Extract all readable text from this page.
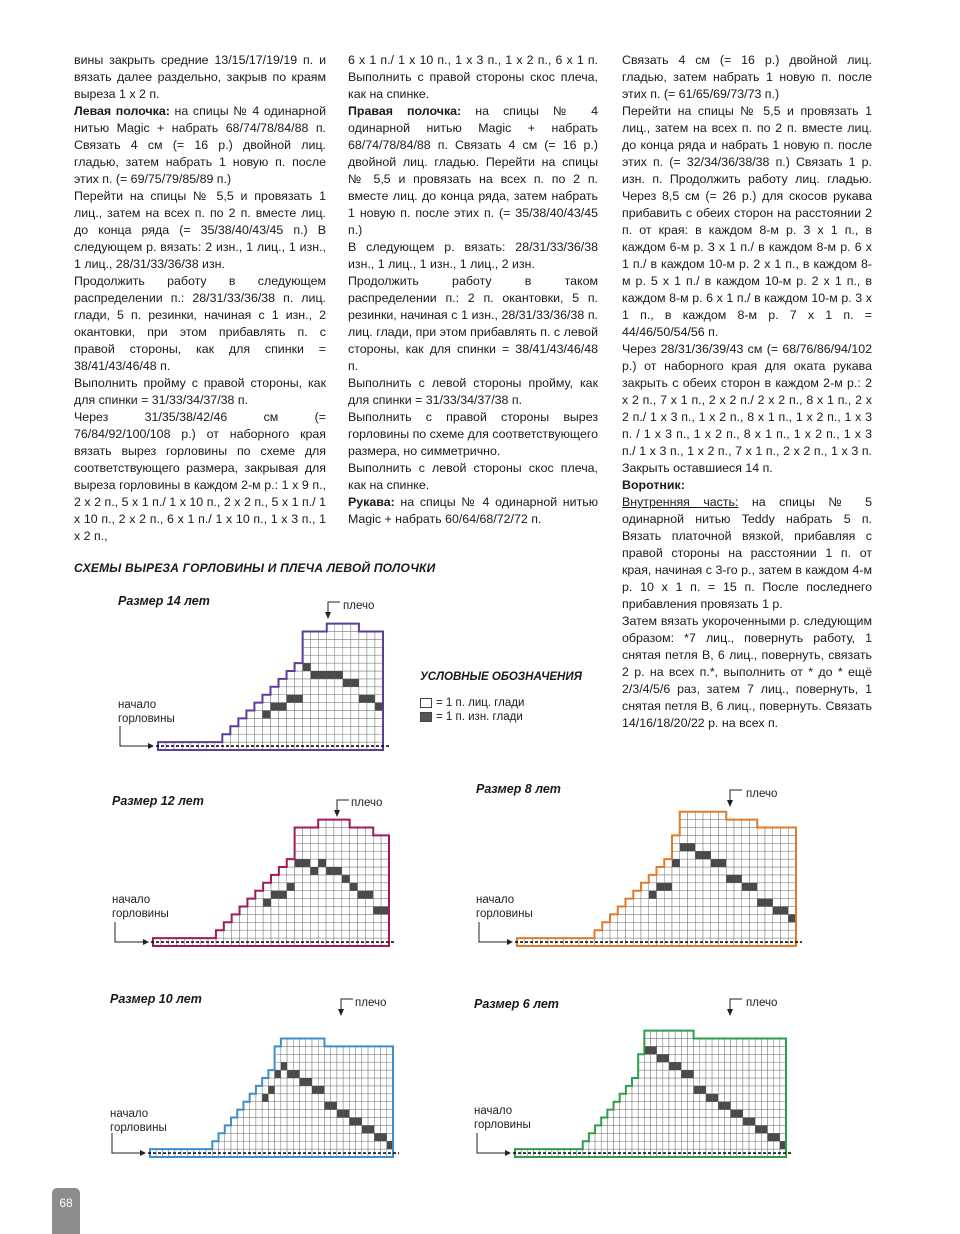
вины закрыть средние 13/15/17/19/19 п. и вязать далее раздельно, закрыв по краям выреза 1 х 2 п.

Левая полочка: на спицы № 4 одинарной нитью Magic + набрать 68/74/78/84/88 п. Связать 4 см (= 16 р.) двойной лиц. гладью, затем набрать 1 новую п. после этих п. (= 69/75/79/85/89 п.)

Перейти на спицы № 5,5 и провязать 1 лиц., затем на всех п. по 2 п. вместе лиц. до конца ряда (= 35/38/40/43/45 п.) В следующем р. вязать: 2 изн., 1 лиц., 1 изн., 1 лиц., 28/31/33/36/38 изн.

Продолжить работу в следующем распределении п.: 28/31/33/36/38 п. лиц. глади, 5 п. резинки, начиная с 1 изн., 2 окантовки, при этом прибавлять п. с правой стороны, как для спинки = 38/41/43/46/48 п.

Выполнить пройму с правой стороны, как для спинки = 31/33/34/37/38 п.

Через 31/35/38/42/46 см (= 76/84/92/100/108 р.) от наборного края вязать вырез горловины по схеме для соответствующего размера, закрывая для выреза горловины в каждом 2-м р.: 1 х 9 п., 2 х 2 п., 5 х 1 п./ 1 х 10 п., 2 х 2 п., 5 х 1 п./ 1 х 10 п., 2 х 2 п., 6 х 1 п./ 1 х 10 п., 1 х 3 п., 1 х 2 п.,

6 х 1 п./ 1 х 10 п., 1 х 3 п., 1 х 2 п., 6 х 1 п. Выполнить с правой стороны скос плеча, как на спинке.

Правая полочка: на спицы № 4 одинарной нитью Magic + набрать 68/74/78/84/88 п. Связать 4 см (= 16 р.) двойной лиц. гладью. Перейти на спицы № 5,5 и провязать на всех п. по 2 п. вместе лиц. до конца ряда, затем набрать 1 новую п. после этих п. (= 35/38/40/43/45 п.)

В следующем р. вязать: 28/31/33/36/38 изн., 1 лиц., 1 изн., 1 лиц., 2 изн.

Продолжить работу в таком распределении п.: 2 п. окантовки, 5 п. резинки, начиная с 1 изн., 28/31/33/36/38 п. лиц. глади, при этом прибавлять п. с левой стороны, как для спинки = 38/41/43/46/48 п.

Выполнить с левой стороны пройму, как для спинки = 31/33/34/37/38 п.

Выполнить с правой стороны вырез горловины по схеме для соответствующего размера, но симметрично.

Выполнить с левой стороны скос плеча, как на спинке.

Рукава: на спицы № 4 одинарной нитью Magic + набрать 60/64/68/72/72 п.

Связать 4 см (= 16 р.) двойной лиц. гладью, затем набрать 1 новую п. после этих п. (= 61/65/69/73/73 п.)

Перейти на спицы № 5,5 и провязать 1 лиц., затем на всех п. по 2 п. вместе лиц. до конца ряда и набрать 1 новую п. после этих п. (= 32/34/36/38/38 п.) Связать 1 р. изн. п. Продолжить работу лиц. гладью. Через 8,5 см (= 26 р.) для скосов рукава прибавить с обеих сторон на расстоянии 2 п. от края: в каждом 8-м р. 3 х 1 п., в каждом 6-м р. 3 х 1 п./ в каждом 8-м р. 6 х 1 п./ в каждом 10-м р. 2 х 1 п., в каждом 8-м р. 5 х 1 п./ в каждом 10-м р. 2 х 1 п., в каждом 8-м р. 6 х 1 п./ в каждом 10-м р. 3 х 1 п., в каждом 8-м р. 7 х 1 п. = 44/46/50/54/56 п.

Через 28/31/36/39/43 см (= 68/76/86/94/102 р.) от наборного края для оката рукава закрыть с обеих сторон в каждом 2-м р.: 2 х 2 п., 7 х 1 п., 2 х 2 п./ 2 х 2 п., 8 х 1 п., 2 х 2 п./ 1 х 3 п., 1 х 2 п., 8 х 1 п., 1 х 2 п., 1 х 3 п. / 1 х 3 п., 1 х 2 п., 8 х 1 п., 1 х 2 п., 1 х 3 п./ 1 х 3 п., 1 х 2 п., 7 х 1 п., 2 х 2 п., 1 х 3 п. Закрыть оставшиеся 14 п.

Воротник:

Внутренняя часть: на спицы № 5 одинарной нитью Teddy набрать 5 п. Вязать платочной вязкой, прибавляя с правой стороны на расстоянии 1 п. от края, начиная с 3-го р., затем в каждом 4-м р. 10 х 1 п. = 15 п. После последнего прибавления провязать 1 р.

Затем вязать укороченными р. следующим образом: *7 лиц., повернуть работу, 1 снятая петля В, 6 лиц., повернуть, связать 2 р. на всех п.*, выполнить от * до * ещё 2/3/4/5/6 раз, затем 7 лиц., повернуть, 1 снятая петля В, 6 лиц., повернуть. Связать 14/16/18/20/22 р. на всех п.

СХЕМЫ ВЫРЕЗА ГОРЛОВИНЫ И ПЛЕЧА ЛЕВОЙ ПОЛОЧКИ
УСЛОВНЫЕ ОБОЗНАЧЕНИЯ
= 1 п. лиц. глади
= 1 п. изн. глади
Размер 14 лет	плечо
начало горловины
Размер 12 лет	плечо
начало горловины
Размер 8 лет	плечо
начало горловины
Размер 10 лет	плечо
начало горловины
Размер 6 лет	плечо
начало горловины
68
